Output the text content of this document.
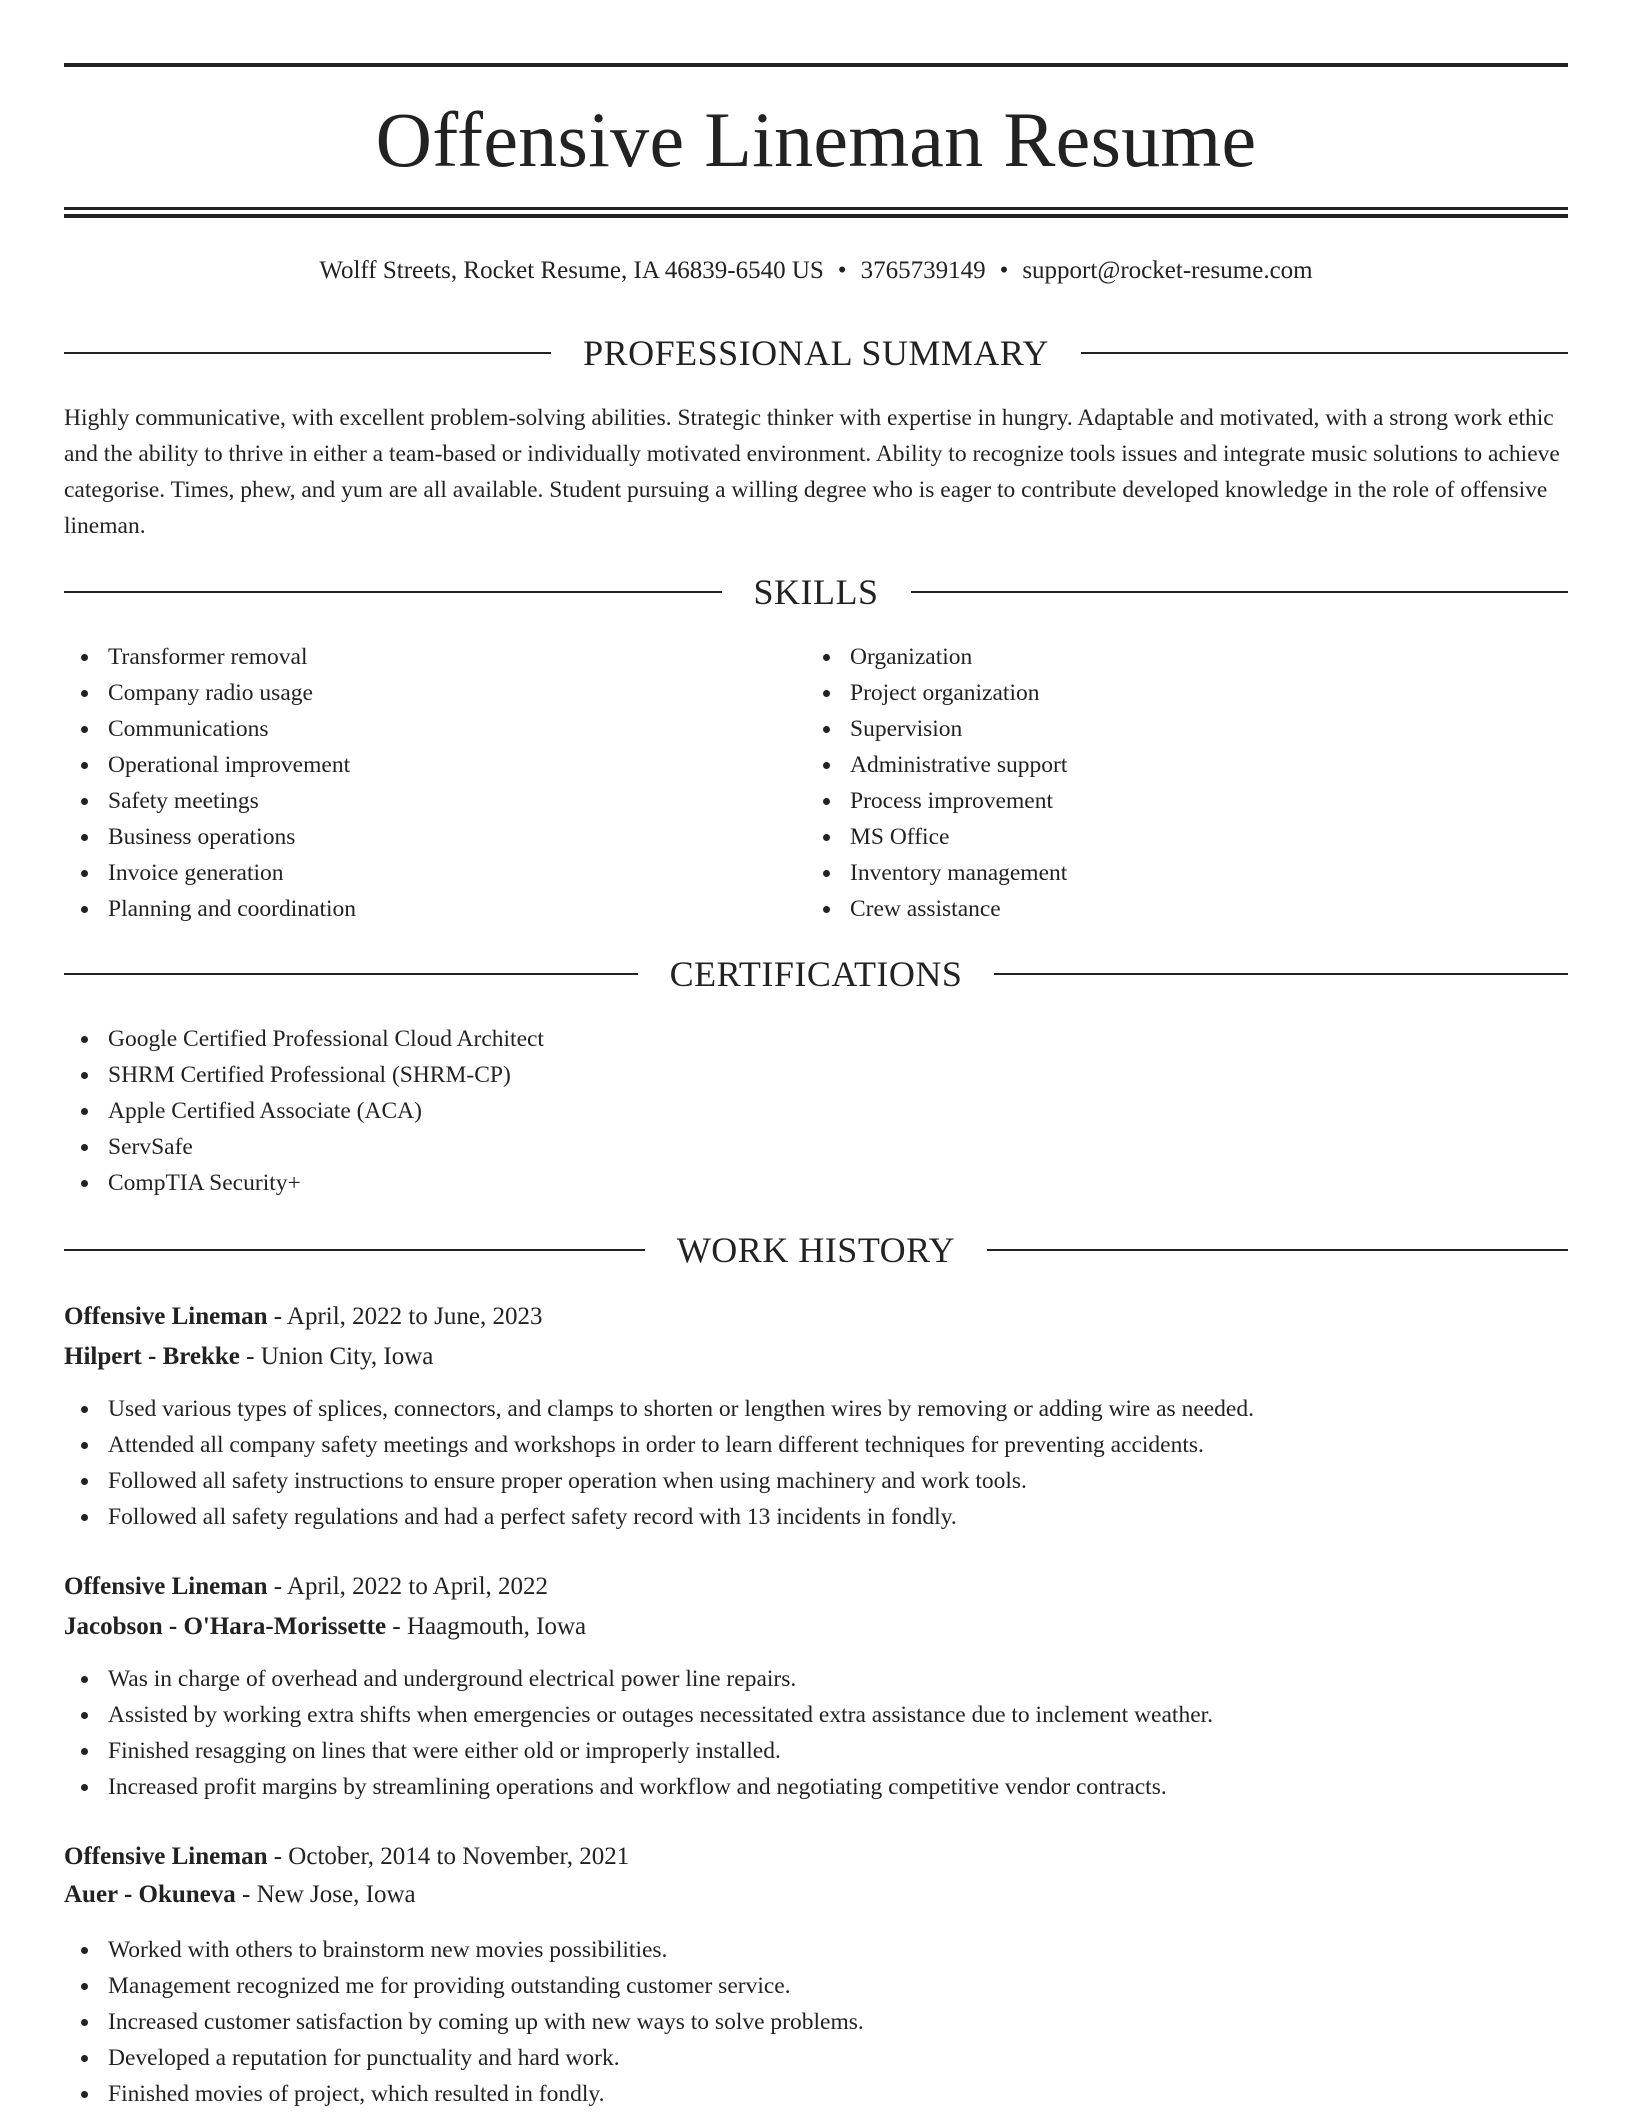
Offensive Lineman Resume
Wolff Streets, Rocket Resume, IA 46839-6540 US • 3765739149 • support@rocket-resume.com
PROFESSIONAL SUMMARY

Highly communicative, with excellent problem-solving abilities. Strategic thinker with expertise in hungry. Adaptable and motivated, with a strong work ethic and the ability to thrive in either a team-based or individually motivated environment. Ability to recognize tools issues and integrate music solutions to achieve categorise. Times, phew, and yum are all available. Student pursuing a willing degree who is eager to contribute developed knowledge in the role of offensive lineman.

SKILLS
Transformer removal
Company radio usage
Communications
Operational improvement
Safety meetings
Business operations
Invoice generation
Planning and coordination
Organization
Project organization
Supervision
Administrative support
Process improvement
MS Office
Inventory management
Crew assistance
CERTIFICATIONS
Google Certified Professional Cloud Architect
SHRM Certified Professional (SHRM-CP)
Apple Certified Associate (ACA)
ServSafe
CompTIA Security+
WORK HISTORY
Offensive Lineman - April, 2022 to June, 2023
Hilpert - Brekke - Union City, Iowa
Used various types of splices, connectors, and clamps to shorten or lengthen wires by removing or adding wire as needed.
Attended all company safety meetings and workshops in order to learn different techniques for preventing accidents.
Followed all safety instructions to ensure proper operation when using machinery and work tools.
Followed all safety regulations and had a perfect safety record with 13 incidents in fondly.
Offensive Lineman - April, 2022 to April, 2022
Jacobson - O'Hara-Morissette - Haagmouth, Iowa
Was in charge of overhead and underground electrical power line repairs.
Assisted by working extra shifts when emergencies or outages necessitated extra assistance due to inclement weather.
Finished resagging on lines that were either old or improperly installed.
Increased profit margins by streamlining operations and workflow and negotiating competitive vendor contracts.
Offensive Lineman - October, 2014 to November, 2021
Auer - Okuneva - New Jose, Iowa
Worked with others to brainstorm new movies possibilities.
Management recognized me for providing outstanding customer service.
Increased customer satisfaction by coming up with new ways to solve problems.
Developed a reputation for punctuality and hard work.
Finished movies of project, which resulted in fondly.
